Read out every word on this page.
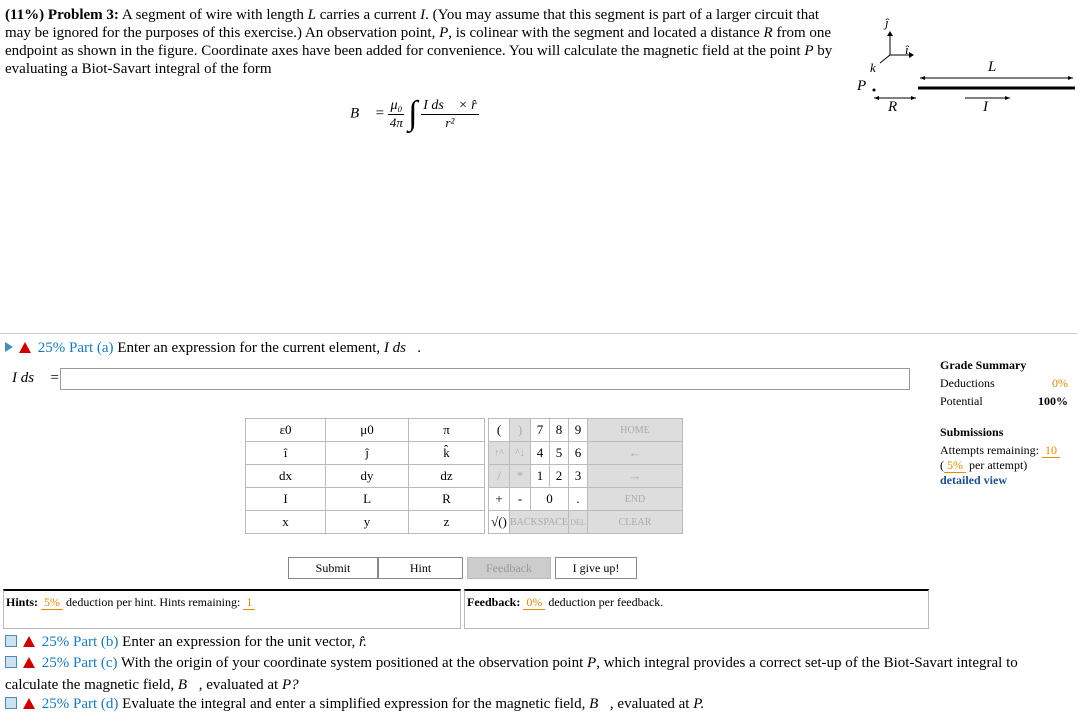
(11%) Problem 3: A segment of wire with length L carries a current I. (You may assume that this segment is part of a larger circuit that may be ignored for the purposes of this exercise.) An observation point, P, is colinear with the segment and located a distance R from one endpoint as shown in the figure. Coordinate axes have been added for convenience. You will calculate the magnetic field at the point P by evaluating a Biot-Savart integral of the form
B⃗ = $\frac{\text{μ₀}}{4\pi}$ ∫ $\frac{\text{I ds⃗ × r̂}}{\text{r²}}$
ĵ
î
k
P
R
L
I
25% Part (a) Enter an expression for the current element, I ds⃗.
I ds⃗ =
Grade Summary
Deductions	0%
Potential	100%
Submissions
Attempts remaining: 10
( 5% per attempt)
detailed view
ε0	μ0	π
î	ĵ	k̂
dx	dy	dz
I	L	R
x	y	z
(	)	7	8	9	HOME
↑^	^↓	4	5	6	←
/	*	1	2	3	→
+	-	0		.	END
√()	BACKSPACE			DEL	CLEAR
Submit	Hint	Feedback	I give up!
Hints: 5% deduction per hint. Hints remaining: 1	Feedback: 0% deduction per feedback.
25% Part (b) Enter an expression for the unit vector, r̂.
25% Part (c) With the origin of your coordinate system positioned at the observation point P, which integral provides a correct set-up of the Biot-Savart integral to calculate the magnetic field, B⃗, evaluated at P?
25% Part (d) Evaluate the integral and enter a simplified expression for the magnetic field, B⃗, evaluated at P.
